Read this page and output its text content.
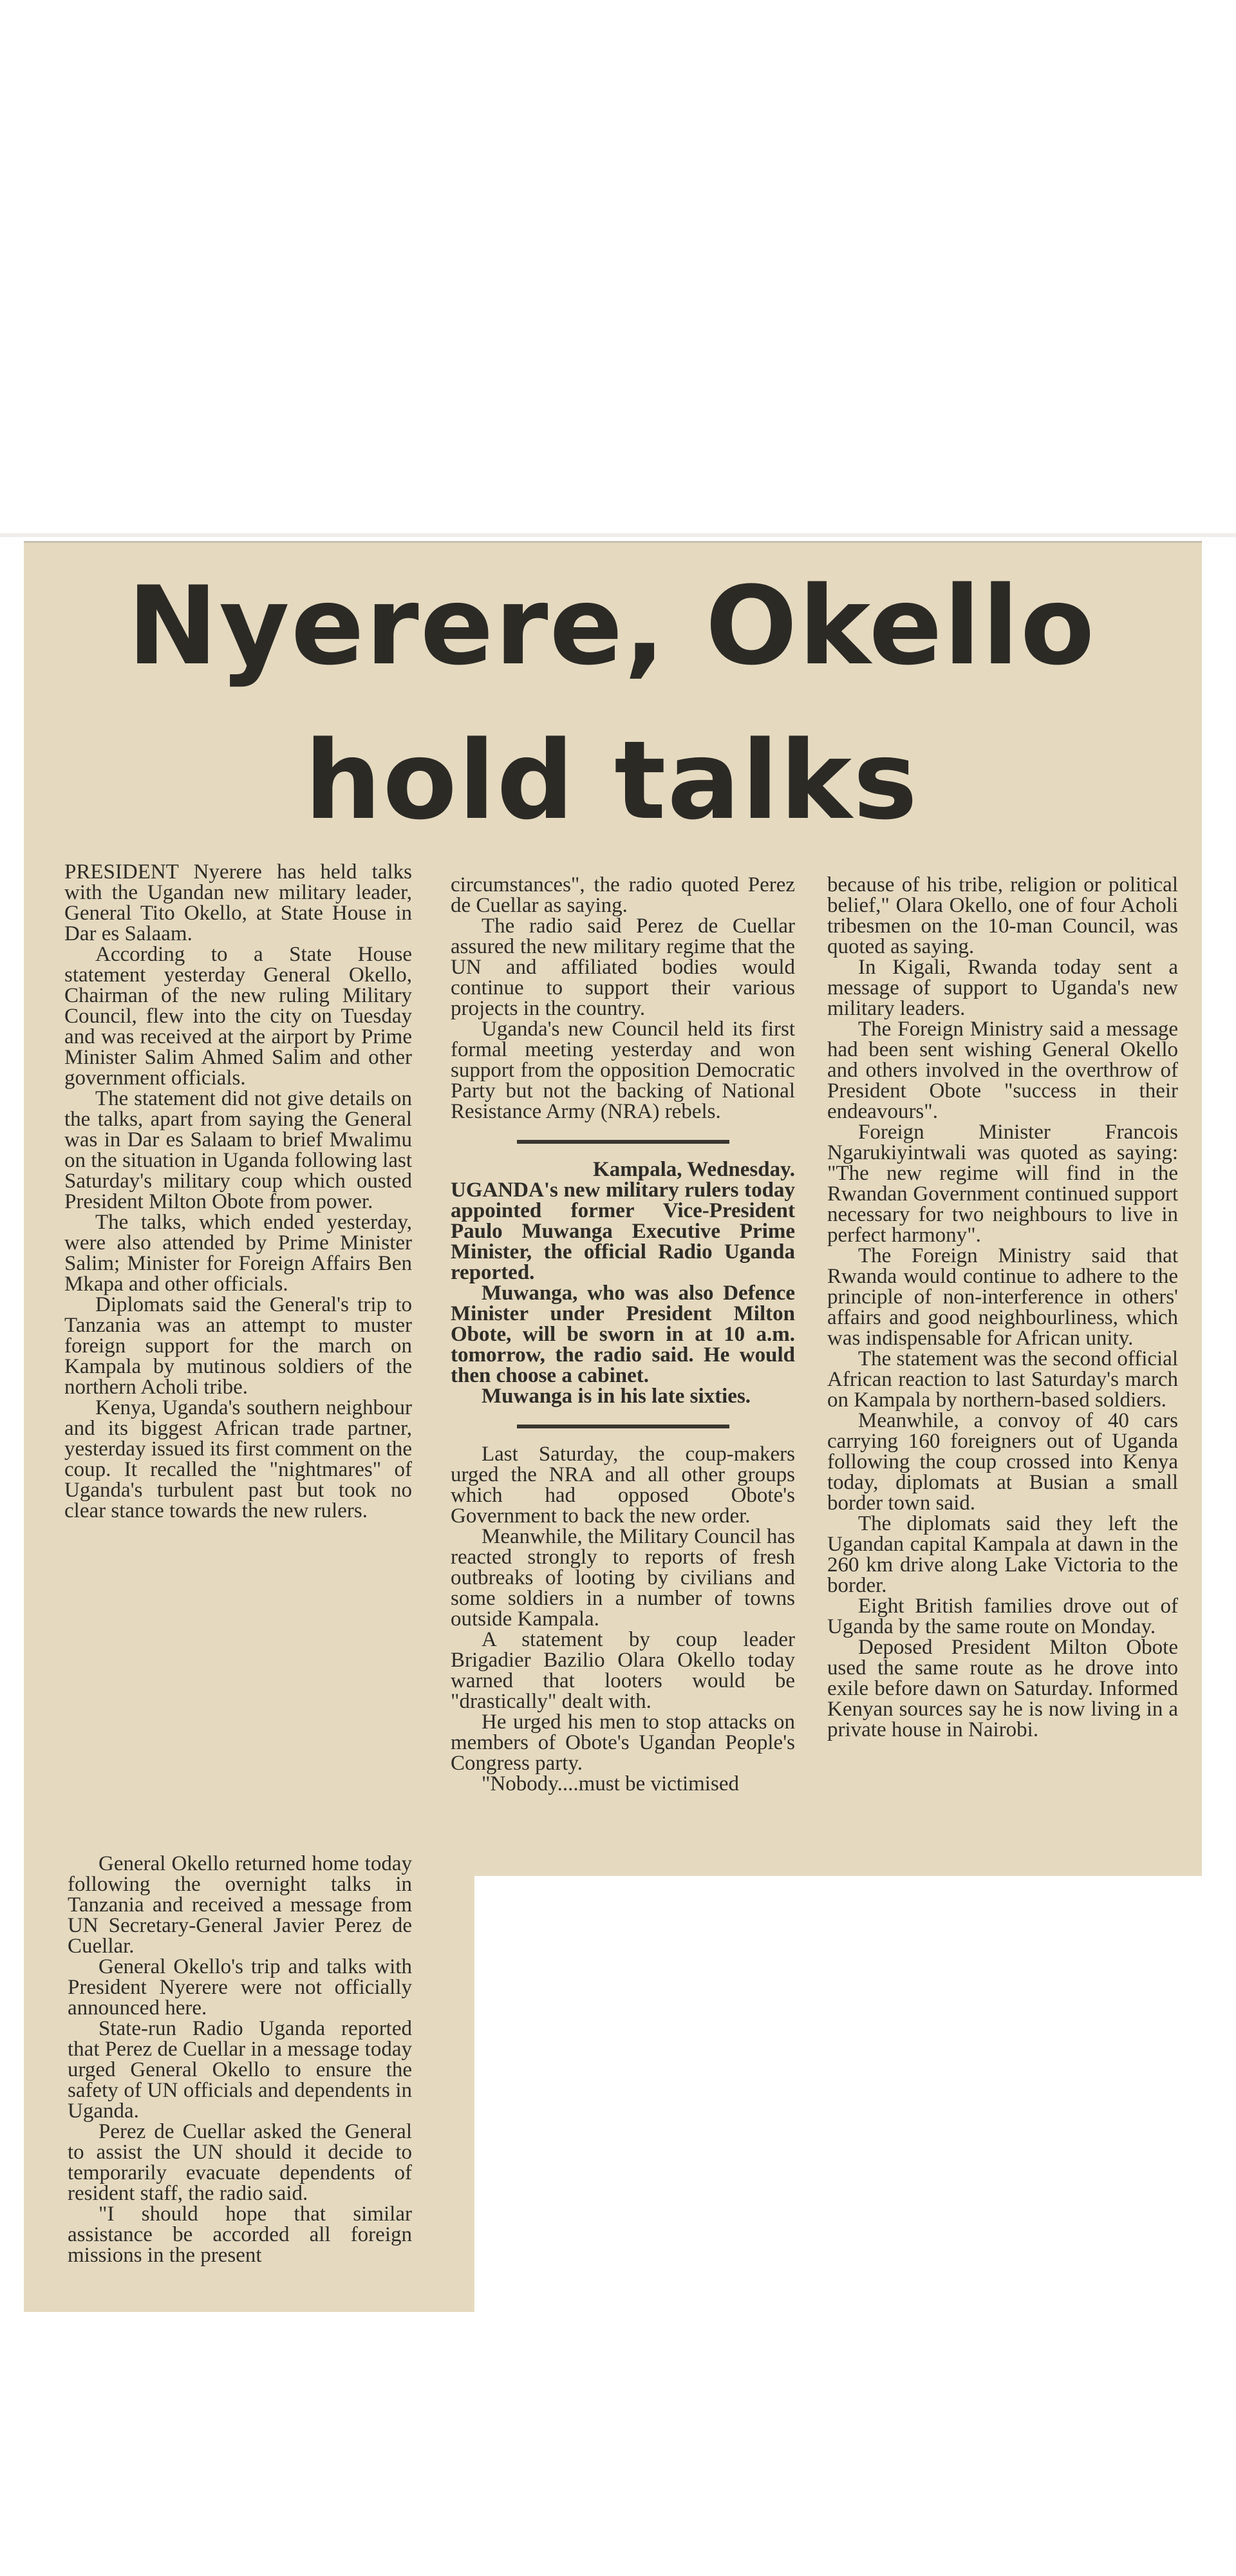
Nyerere, Okello
hold talks

PRESIDENT Nyerere has held talks with the Ugandan new military leader, General Tito Okello, at State House in Dar es Salaam.

According to a State House statement yesterday General Okello, Chairman of the new ruling Military Council, flew into the city on Tuesday and was received at the airport by Prime Minister Salim Ahmed Salim and other government officials.

The statement did not give details on the talks, apart from saying the General was in Dar es Salaam to brief Mwalimu on the situation in Uganda following last Saturday's military coup which ousted President Milton Obote from power.

The talks, which ended yesterday, were also attended by Prime Minister Salim; Minister for Foreign Affairs Ben Mkapa and other officials.

Diplomats said the General's trip to Tanzania was an attempt to muster foreign support for the march on Kampala by mutinous soldiers of the northern Acholi tribe.

Kenya, Uganda's southern neighbour and its biggest African trade partner, yesterday issued its first comment on the coup. It recalled the "nightmares" of Uganda's turbulent past but took no clear stance towards the new rulers.

General Okello returned home today following the overnight talks in Tanzania and received a message from UN Secretary-General Javier Perez de Cuellar.

General Okello's trip and talks with President Nyerere were not officially announced here.

State-run Radio Uganda reported that Perez de Cuellar in a message today urged General Okello to ensure the safety of UN officials and dependents in Uganda.

Perez de Cuellar asked the General to assist the UN should it decide to temporarily evacuate dependents of resident staff, the radio said.

"I should hope that similar assistance be accorded all foreign missions in the present

circumstances", the radio quoted Perez de Cuellar as saying.

The radio said Perez de Cuellar assured the new military regime that the UN and affiliated bodies would continue to support their various projects in the country.

Uganda's new Council held its first formal meeting yesterday and won support from the opposition Democratic Party but not the backing of National Resistance Army (NRA) rebels.

Kampala, Wednesday.

UGANDA's new military rulers today appointed former Vice-President Paulo Muwanga Executive Prime Minister, the official Radio Uganda reported.

Muwanga, who was also Defence Minister under President Milton Obote, will be sworn in at 10 a.m. tomorrow, the radio said. He would then choose a cabinet.

Muwanga is in his late sixties.

Last Saturday, the coup-makers urged the NRA and all other groups which had opposed Obote's Government to back the new order.

Meanwhile, the Military Council has reacted strongly to reports of fresh outbreaks of looting by civilians and some soldiers in a number of towns outside Kampala.

A statement by coup leader Brigadier Bazilio Olara Okello today warned that looters would be "drastically" dealt with.

He urged his men to stop attacks on members of Obote's Ugandan People's Congress party.

"Nobody....must be victimised

because of his tribe, religion or political belief," Olara Okello, one of four Acholi tribesmen on the 10-man Council, was quoted as saying.

In Kigali, Rwanda today sent a message of support to Uganda's new military leaders.

The Foreign Ministry said a message had been sent wishing General Okello and others involved in the overthrow of President Obote "success in their endeavours".

Foreign Minister Francois Ngarukiyintwali was quoted as saying: "The new regime will find in the Rwandan Government continued support necessary for two neighbours to live in perfect harmony".

The Foreign Ministry said that Rwanda would continue to adhere to the principle of non-interference in others' affairs and good neighbourliness, which was indispensable for African unity.

The statement was the second official African reaction to last Saturday's march on Kampala by northern-based soldiers.

Meanwhile, a convoy of 40 cars carrying 160 foreigners out of Uganda following the coup crossed into Kenya today, diplomats at Busian a small border town said.

The diplomats said they left the Ugandan capital Kampala at dawn in the 260 km drive along Lake Victoria to the border.

Eight British families drove out of Uganda by the same route on Monday.

Deposed President Milton Obote used the same route as he drove into exile before dawn on Saturday. Informed Kenyan sources say he is now living in a private house in Nairobi.
